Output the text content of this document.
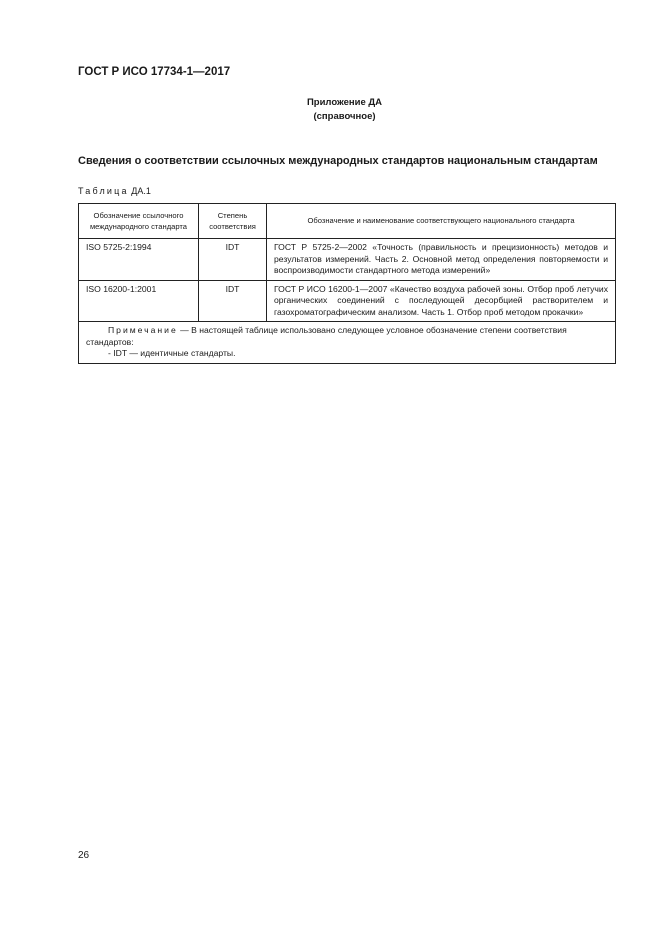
ГОСТ Р ИСО 17734-1—2017
Приложение ДА
(справочное)
Сведения о соответствии ссылочных международных стандартов национальным стандартам
Таблица ДА.1
Обозначение ссылочного международного стандарта	Степень соответствия	Обозначение и наименование соответствующего национального стандарта
ISO 5725-2:1994	IDT	ГОСТ Р 5725-2—2002 «Точность (правильность и прецизионность) методов и результатов измерений. Часть 2. Основной метод определения повторяемости и воспроизводимости стандартного метода измерений»
ISO 16200-1:2001	IDT	ГОСТ Р ИСО 16200-1—2007 «Качество воздуха рабочей зоны. Отбор проб летучих органических соединений с последующей десорбцией растворителем и газохроматографическим анализом. Часть 1. Отбор проб методом прокачки»

Примечание — В настоящей таблице использовано следующее условное обозначение степени соответствия стандартов:
- IDT — идентичные стандарты.		
26
